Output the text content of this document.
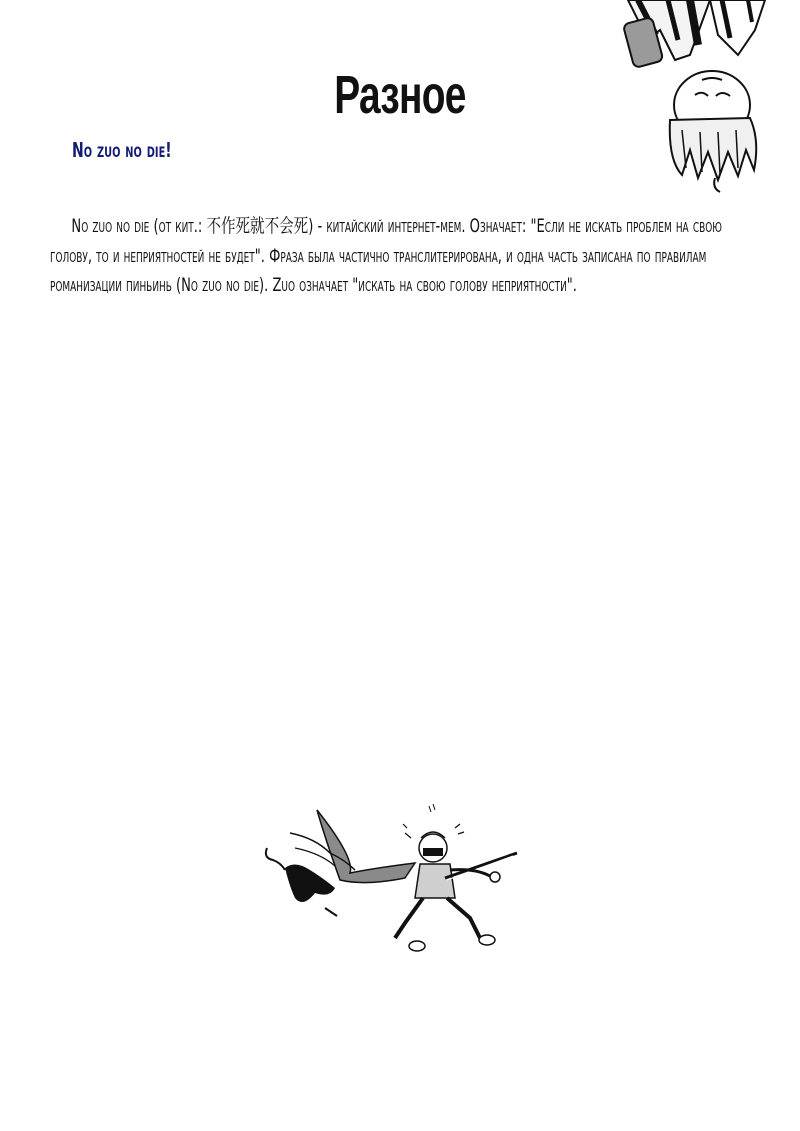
Разное
No zuo no die!

No zuo no die (от кит.: 不作死就不会死) - китайский интернет-мем. Означает: "Если не искать проблем на свою голову, то и неприятностей не будет". Фраза была частично транслитерирована, и одна часть записана по правилам романизации пиньинь (No zuo no die). Zuo означает "искать на свою голову неприятности".
